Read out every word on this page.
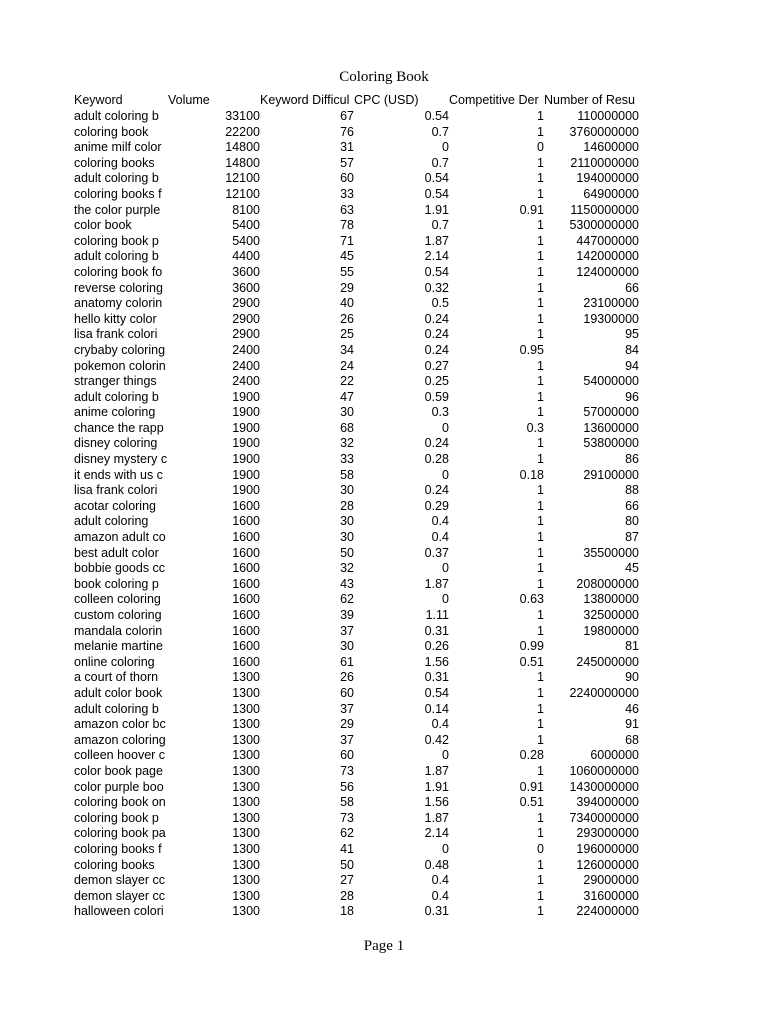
Coloring Book
Keyword	Volume	Keyword Difficul	CPC (USD)	Competitive Der	Number of Resu
adult coloring b	33100	67	0.54	1	110000000
coloring book	22200	76	0.7	1	3760000000
anime milf color	14800	31	0	0	14600000
coloring books	14800	57	0.7	1	2110000000
adult coloring b	12100	60	0.54	1	194000000
coloring books f	12100	33	0.54	1	64900000
the color purple	8100	63	1.91	0.91	1150000000
color book	5400	78	0.7	1	5300000000
coloring book p	5400	71	1.87	1	447000000
adult coloring b	4400	45	2.14	1	142000000
coloring book fo	3600	55	0.54	1	124000000
reverse coloring	3600	29	0.32	1	66
anatomy colorin	2900	40	0.5	1	23100000
hello kitty color	2900	26	0.24	1	19300000
lisa frank colori	2900	25	0.24	1	95
crybaby coloring	2400	34	0.24	0.95	84
pokemon colorin	2400	24	0.27	1	94
stranger things	2400	22	0.25	1	54000000
adult coloring b	1900	47	0.59	1	96
anime coloring	1900	30	0.3	1	57000000
chance the rapp	1900	68	0	0.3	13600000
disney coloring	1900	32	0.24	1	53800000
disney mystery c	1900	33	0.28	1	86
it ends with us c	1900	58	0	0.18	29100000
lisa frank colori	1900	30	0.24	1	88
acotar coloring	1600	28	0.29	1	66
adult coloring	1600	30	0.4	1	80
amazon adult co	1600	30	0.4	1	87
best adult color	1600	50	0.37	1	35500000
bobbie goods cc	1600	32	0	1	45
book coloring p	1600	43	1.87	1	208000000
colleen coloring	1600	62	0	0.63	13800000
custom coloring	1600	39	1.11	1	32500000
mandala colorin	1600	37	0.31	1	19800000
melanie martine	1600	30	0.26	0.99	81
online coloring	1600	61	1.56	0.51	245000000
a court of thorn	1300	26	0.31	1	90
adult color book	1300	60	0.54	1	2240000000
adult coloring b	1300	37	0.14	1	46
amazon color bc	1300	29	0.4	1	91
amazon coloring	1300	37	0.42	1	68
colleen hoover c	1300	60	0	0.28	6000000
color book page	1300	73	1.87	1	1060000000
color purple boo	1300	56	1.91	0.91	1430000000
coloring book on	1300	58	1.56	0.51	394000000
coloring book p	1300	73	1.87	1	7340000000
coloring book pa	1300	62	2.14	1	293000000
coloring books f	1300	41	0	0	196000000
coloring books	1300	50	0.48	1	126000000
demon slayer cc	1300	27	0.4	1	29000000
demon slayer cc	1300	28	0.4	1	31600000
halloween colori	1300	18	0.31	1	224000000
Page 1
